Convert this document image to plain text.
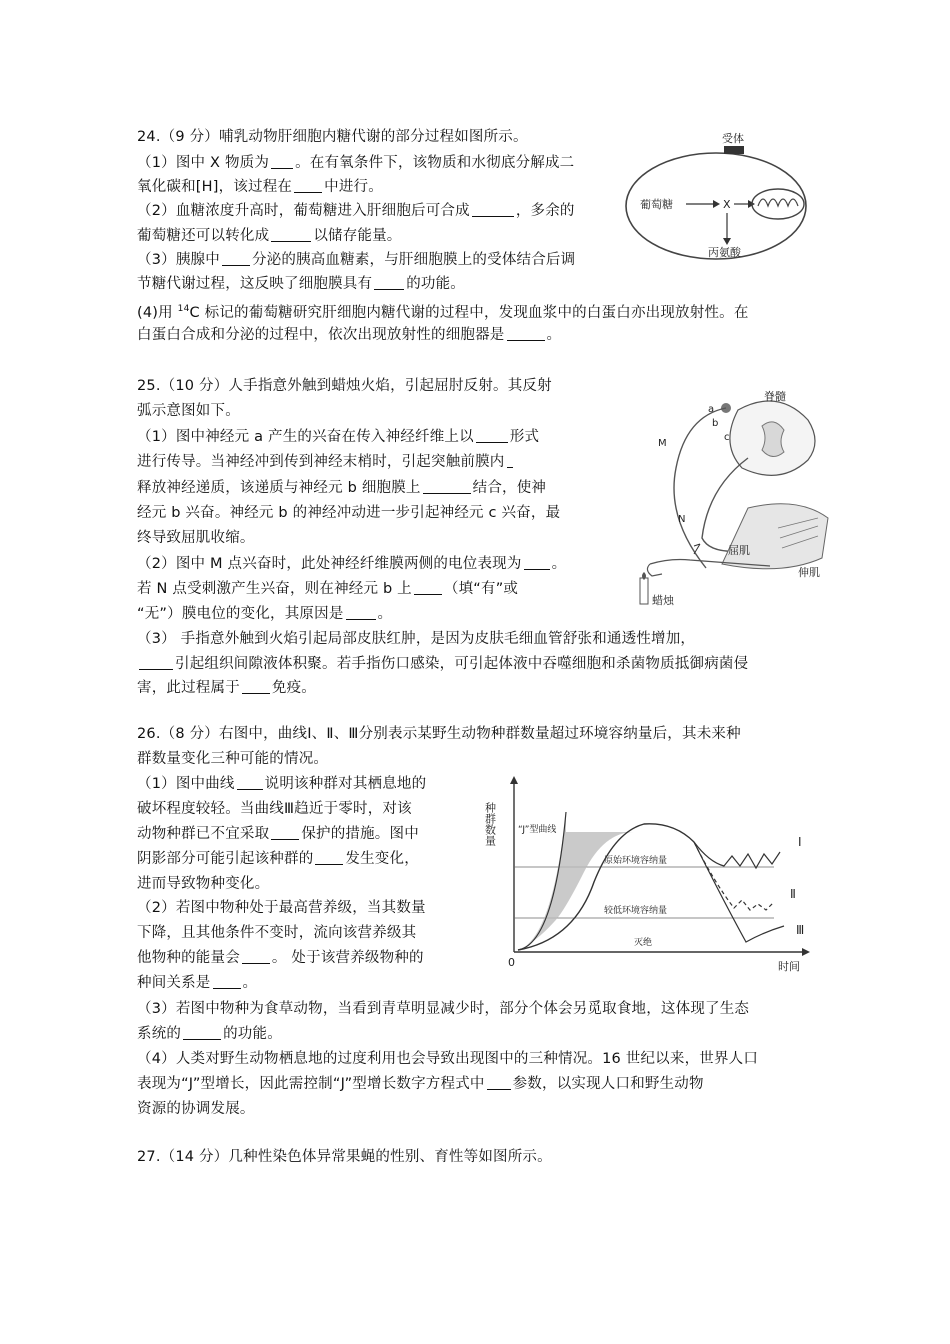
24.（9 分）哺乳动物肝细胞内糖代谢的部分过程如图所示。
（1）图中 X 物质为 。在有氧条件下，该物质和水彻底分解成二
氧化碳和[H]，该过程在 中进行。
（2）血糖浓度升高时，葡萄糖进入肝细胞后可合成	，多余的
葡萄糖还可以转化成	以储存能量。
（3）胰腺中 分泌的胰高血糖素，与肝细胞膜上的受体结合后调
节糖代谢过程，这反映了细胞膜具有 的功能。
(4)用 $^{14}$C 标记的葡萄糖研究肝细胞内糖代谢的过程中，发现血浆中的白蛋白亦出现放射性。在
白蛋白合成和分泌的过程中，依次出现放射性的细胞器是	。
受体
葡萄糖	X
丙氨酸
25.（10 分）人手指意外触到蜡烛火焰，引起屈肘反射。其反射
弧示意图如下。
（1）图中神经元 a 产生的兴奋在传入神经纤维上以 形式
进行传导。当神经冲到传到神经末梢时，引起突触前膜内
释放神经递质，该递质与神经元 b 细胞膜上	结合，使神
经元 b 兴奋。神经元 b 的神经冲动进一步引起神经元 c 兴奋，最
终导致屈肌收缩。
（2）图中 M 点兴奋时，此处神经纤维膜两侧的电位表现为 。
若 N 点受刺激产生兴奋，则在神经元 b 上 （填“有”或
“无”）膜电位的变化，其原因是 。
（3） 手指意外触到火焰引起局部皮肤红肿，是因为皮肤毛细血管舒张和通透性增加，
引起组织间隙液体积聚。若手指伤口感染，可引起体液中吞噬细胞和杀菌物质抵御病菌侵
害，此过程属于 免疫。
脊髓
a
b
c
M
N
屈肌
伸肌
蜡烛
26.（8 分）右图中，曲线Ⅰ、Ⅱ、Ⅲ分别表示某野生动物种群数量超过环境容纳量后，其未来种
群数量变化三种可能的情况。
（1）图中曲线 说明该种群对其栖息地的
破坏程度较轻。当曲线Ⅲ趋近于零时，对该
动物种群已不宜采取 保护的措施。图中
阴影部分可能引起该种群的 发生变化，
进而导致物种变化。
（2）若图中物种处于最高营养级，当其数量
下降，且其他条件不变时，流向该营养级其
他物种的能量会 。 处于该营养级物种的
种间关系是 。
（3）若图中物种为食草动物，当看到青草明显减少时，部分个体会另觅取食地，这体现了生态
系统的	的功能。
（4）人类对野生动物栖息地的过度利用也会导致出现图中的三种情况。16 世纪以来，世界人口
表现为“J”型增长，因此需控制“J”型增长数字方程式中 参数，以实现人口和野生动物
资源的协调发展。
种群数量
时间
0
“J”型曲线
原始环境容纳量
较低环境容纳量
灭绝
Ⅰ
Ⅱ
Ⅲ
27.（14 分）几种性染色体异常果蝇的性别、育性等如图所示。
